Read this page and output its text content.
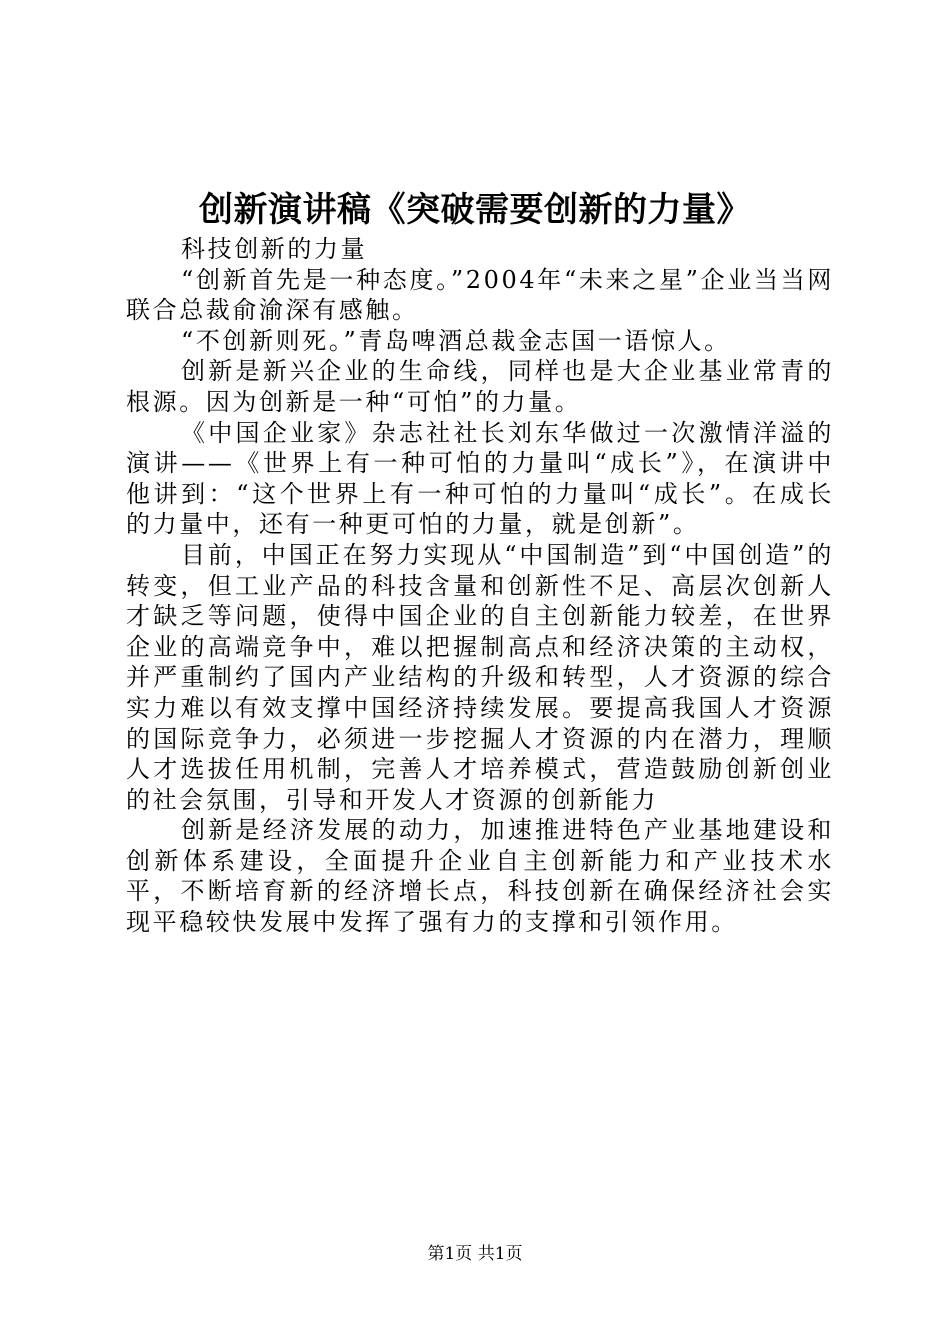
创新演讲稿《突破需要创新的力量》

科技创新的力量

“创新首先是一种态度。”2004年“未来之星”企业当当网联合总裁俞渝深有感触。

“不创新则死。”青岛啤酒总裁金志国一语惊人。

创新是新兴企业的生命线，同样也是大企业基业常青的根源。因为创新是一种“可怕”的力量。

《中国企业家》杂志社社长刘东华做过一次激情洋溢的演讲——《世界上有一种可怕的力量叫“成长”》，在演讲中他讲到：“这个世界上有一种可怕的力量叫“成长”。在成长的力量中，还有一种更可怕的力量，就是创新”。

目前，中国正在努力实现从“中国制造”到“中国创造”的转变，但工业产品的科技含量和创新性不足、高层次创新人才缺乏等问题，使得中国企业的自主创新能力较差，在世界企业的高端竞争中，难以把握制高点和经济决策的主动权，并严重制约了国内产业结构的升级和转型，人才资源的综合实力难以有效支撑中国经济持续发展。要提高我国人才资源的国际竞争力，必须进一步挖掘人才资源的内在潜力，理顺人才选拔任用机制，完善人才培养模式，营造鼓励创新创业的社会氛围，引导和开发人才资源的创新能力

创新是经济发展的动力，加速推进特色产业基地建设和创新体系建设，全面提升企业自主创新能力和产业技术水平，不断培育新的经济增长点，科技创新在确保经济社会实现平稳较快发展中发挥了强有力的支撑和引领作用。

第1页 共1页
